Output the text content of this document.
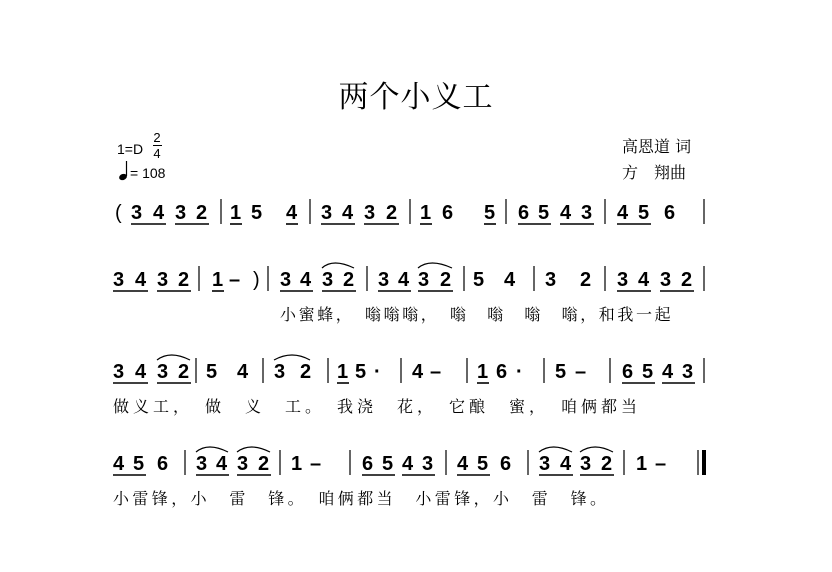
两个小义工
高恩道 词
方　翔曲
1=D
2
4
= 108
( 3 4 3 2 1 5 4 3 4 3 2 1 6 5 6 5 4 3 4 5 6
3 4 3 2 1 – ) 3 4 3 2 3 4 3 2 5 4 3 2 3 4 3 2
3 4 3 2 5 4 3 2 1 5 · 4 – 1 6 · 5 – 6 5 4 3
4 5 6 3 4 3 2 1 – 6 5 4 3 4 5 6 3 4 3 2 1 –
小蜜蜂，　嗡嗡嗡，　嗡　嗡　嗡　嗡，和我一起
做义工，　做　义　工。　我浇　花，　它酿　蜜，　咱俩都当
小雷锋，小　雷　锋。　咱俩都当　小雷锋，小　雷　锋。
